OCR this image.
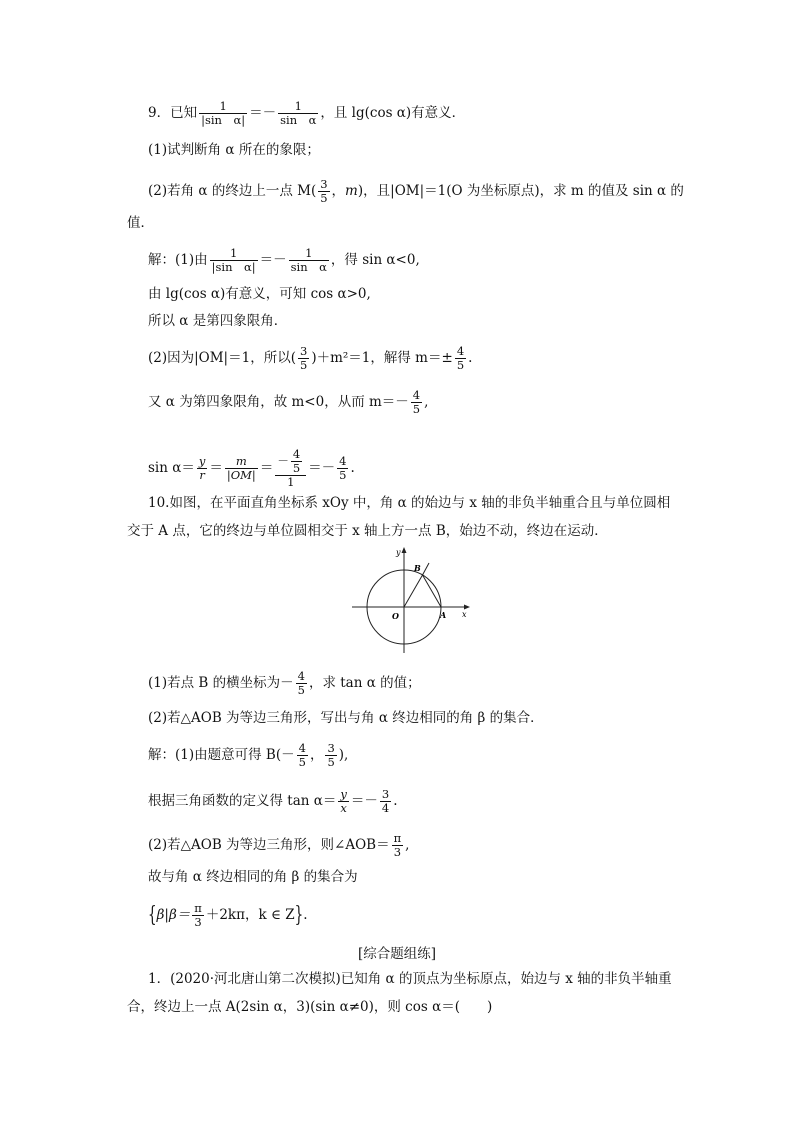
9．已知 $\frac{1}{\text{|sin　α|}} =- \frac{1}{\text{sin　α}}$ ，且 lg(cos α)有意义．
(1)试判断角 α 所在的象限；
(2)若角 α 的终边上一点 $M( \frac{3}{5}$ ，m)，且|OM|＝1(O 为坐标原点)，求 m 的值及 sin α 的
值．
解：(1)由 $\frac{1}{\text{|sin　α|}} =- \frac{1}{\text{sin　α}}$ ，得 sin α<0,
由 lg(cos α)有意义，可知 cos α>0,
所以 α 是第四象限角．
(2)因为|OM|＝1，所以( $\frac{3}{5} )+m^2=1$，解得 $m=\pm \frac{4}{5}$ .
又 α 为第四象限角，故 m<0，从而 $m=- \frac{4}{5}$ ,
$\sin \alpha= \frac{y}{r} = \frac{m}{|OM|} = \frac{- \frac{4}{5}}{1} =- \frac{4}{5}$ .
10.如图，在平面直角坐标系 xOy 中，角 α 的始边与 x 轴的非负半轴重合且与单位圆相
交于 A 点，它的终边与单位圆相交于 x 轴上方一点 B，始边不动，终边在运动．
y
x
O	A
B
(1)若点 B 的横坐标为－ $\frac{4}{5}$ ，求 tan α 的值；
(2)若△AOB 为等边三角形，写出与角 α 终边相同的角 β 的集合．
解：(1)由题意可得 $B(- \frac{4}{5}$ ， $\frac{3}{5}$ ),
根据三角函数的定义得 $\tan \alpha= \frac{y}{x} =- \frac{3}{4}$ .
(2)若△AOB 为等边三角形，则∠AOB＝ $\frac{\pi}{3}$ ,
故与角 α 终边相同的角 β 的集合为
{$\beta|\beta= \frac{\pi}{3} +2k\pi$，k ∈ Z}.
[综合题组练]
1．(2020·河北唐山第二次模拟)已知角 α 的顶点为坐标原点，始边与 x 轴的非负半轴重
合，终边上一点 A(2sin α，3)(sin α≠0)，则 cos α＝(　　)
